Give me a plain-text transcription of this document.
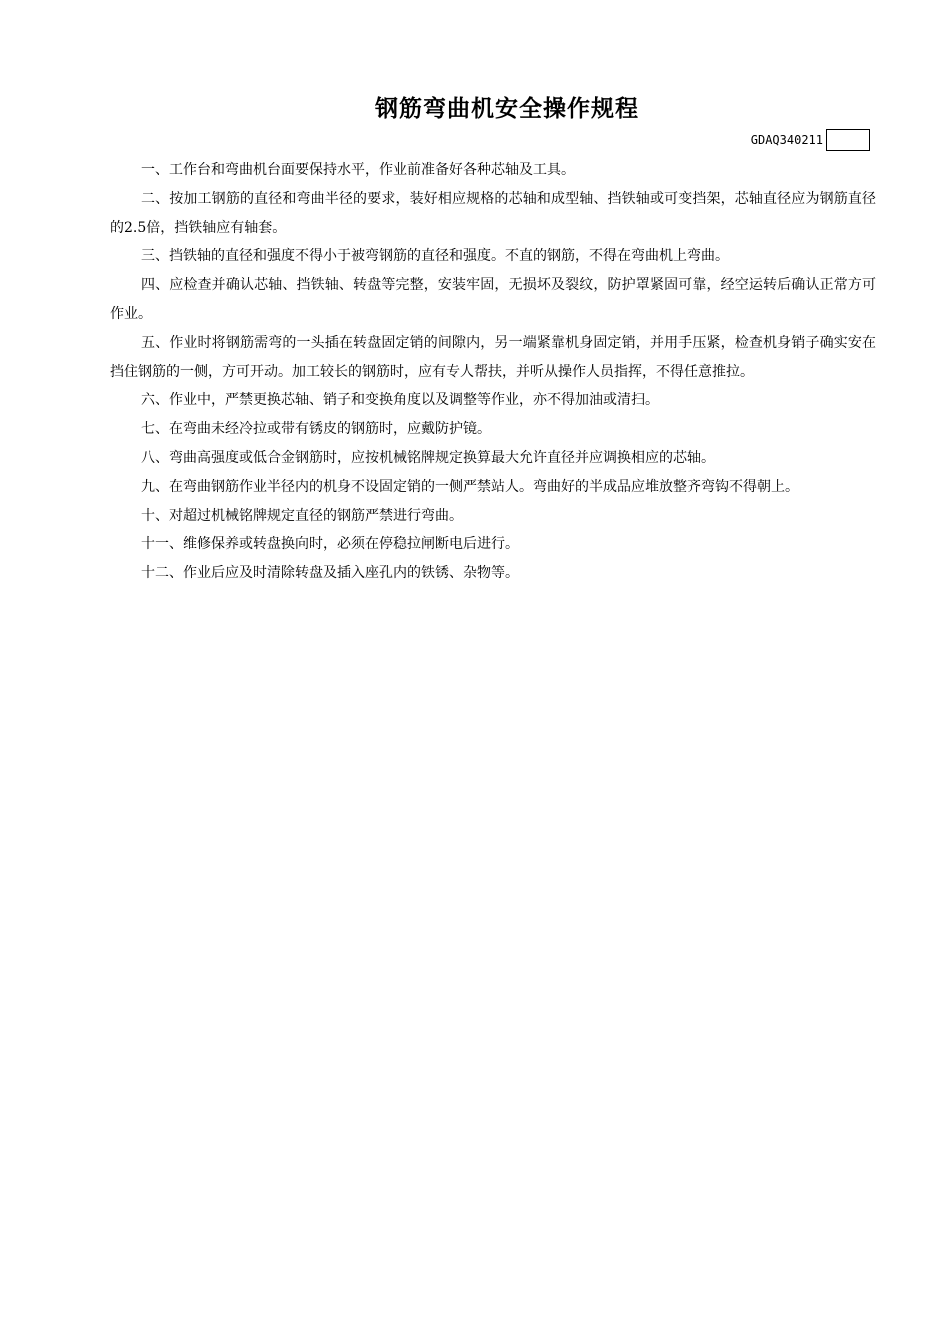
钢筋弯曲机安全操作规程
GDAQ340211
一、工作台和弯曲机台面要保持水平，作业前准备好各种芯轴及工具。
二、按加工钢筋的直径和弯曲半径的要求，装好相应规格的芯轴和成型轴、挡铁轴或可变挡架，芯轴直径应为钢筋直径的2.5倍，挡铁轴应有轴套。
三、挡铁轴的直径和强度不得小于被弯钢筋的直径和强度。不直的钢筋，不得在弯曲机上弯曲。
四、应检查并确认芯轴、挡铁轴、转盘等完整，安装牢固，无损坏及裂纹，防护罩紧固可靠，经空运转后确认正常方可作业。
五、作业时将钢筋需弯的一头插在转盘固定销的间隙内，另一端紧靠机身固定销，并用手压紧，检查机身销子确实安在挡住钢筋的一侧，方可开动。加工较长的钢筋时，应有专人帮扶，并听从操作人员指挥，不得任意推拉。
六、作业中，严禁更换芯轴、销子和变换角度以及调整等作业，亦不得加油或清扫。
七、在弯曲未经冷拉或带有锈皮的钢筋时，应戴防护镜。
八、弯曲高强度或低合金钢筋时，应按机械铭牌规定换算最大允许直径并应调换相应的芯轴。
九、在弯曲钢筋作业半径内的机身不设固定销的一侧严禁站人。弯曲好的半成品应堆放整齐弯钩不得朝上。
十、对超过机械铭牌规定直径的钢筋严禁进行弯曲。
十一、维修保养或转盘换向时，必须在停稳拉闸断电后进行。
十二、作业后应及时清除转盘及插入座孔内的铁锈、杂物等。
